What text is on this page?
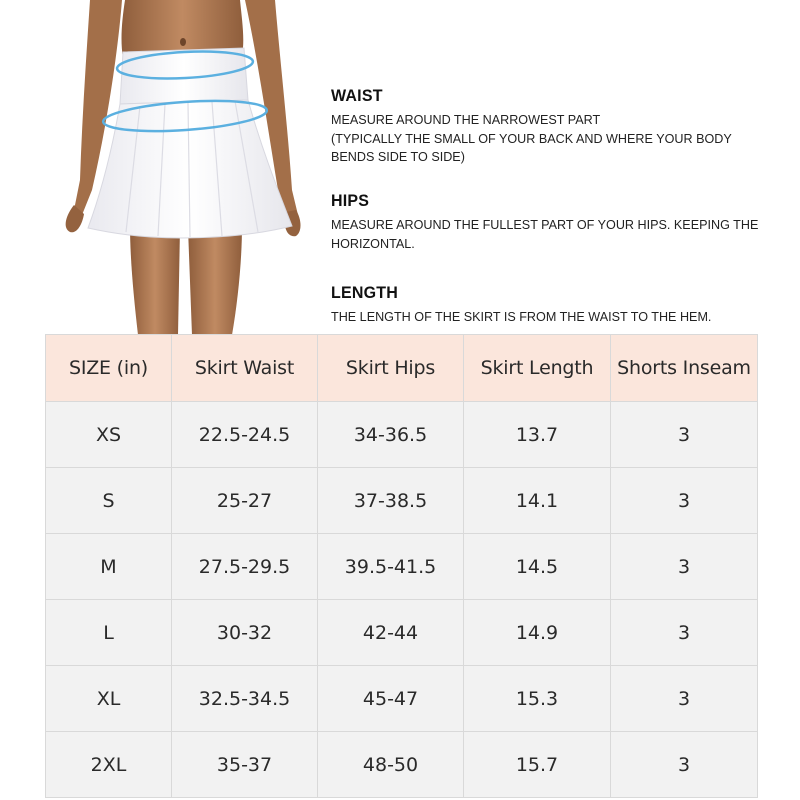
WAIST

MEASURE AROUND THE NARROWEST PART

(TYPICALLY THE SMALL OF YOUR BACK AND WHERE YOUR BODY

BENDS SIDE TO SIDE)

HIPS

MEASURE AROUND THE FULLEST PART OF YOUR HIPS. KEEPING THE

HORIZONTAL.

LENGTH

THE LENGTH OF THE SKIRT IS FROM THE WAIST TO THE HEM.

SIZE (in)	Skirt Waist	Skirt Hips	Skirt Length	Shorts Inseam
XS	22.5-24.5	34-36.5	13.7	3
S	25-27	37-38.5	14.1	3
M	27.5-29.5	39.5-41.5	14.5	3
L	30-32	42-44	14.9	3
XL	32.5-34.5	45-47	15.3	3
2XL	35-37	48-50	15.7	3
